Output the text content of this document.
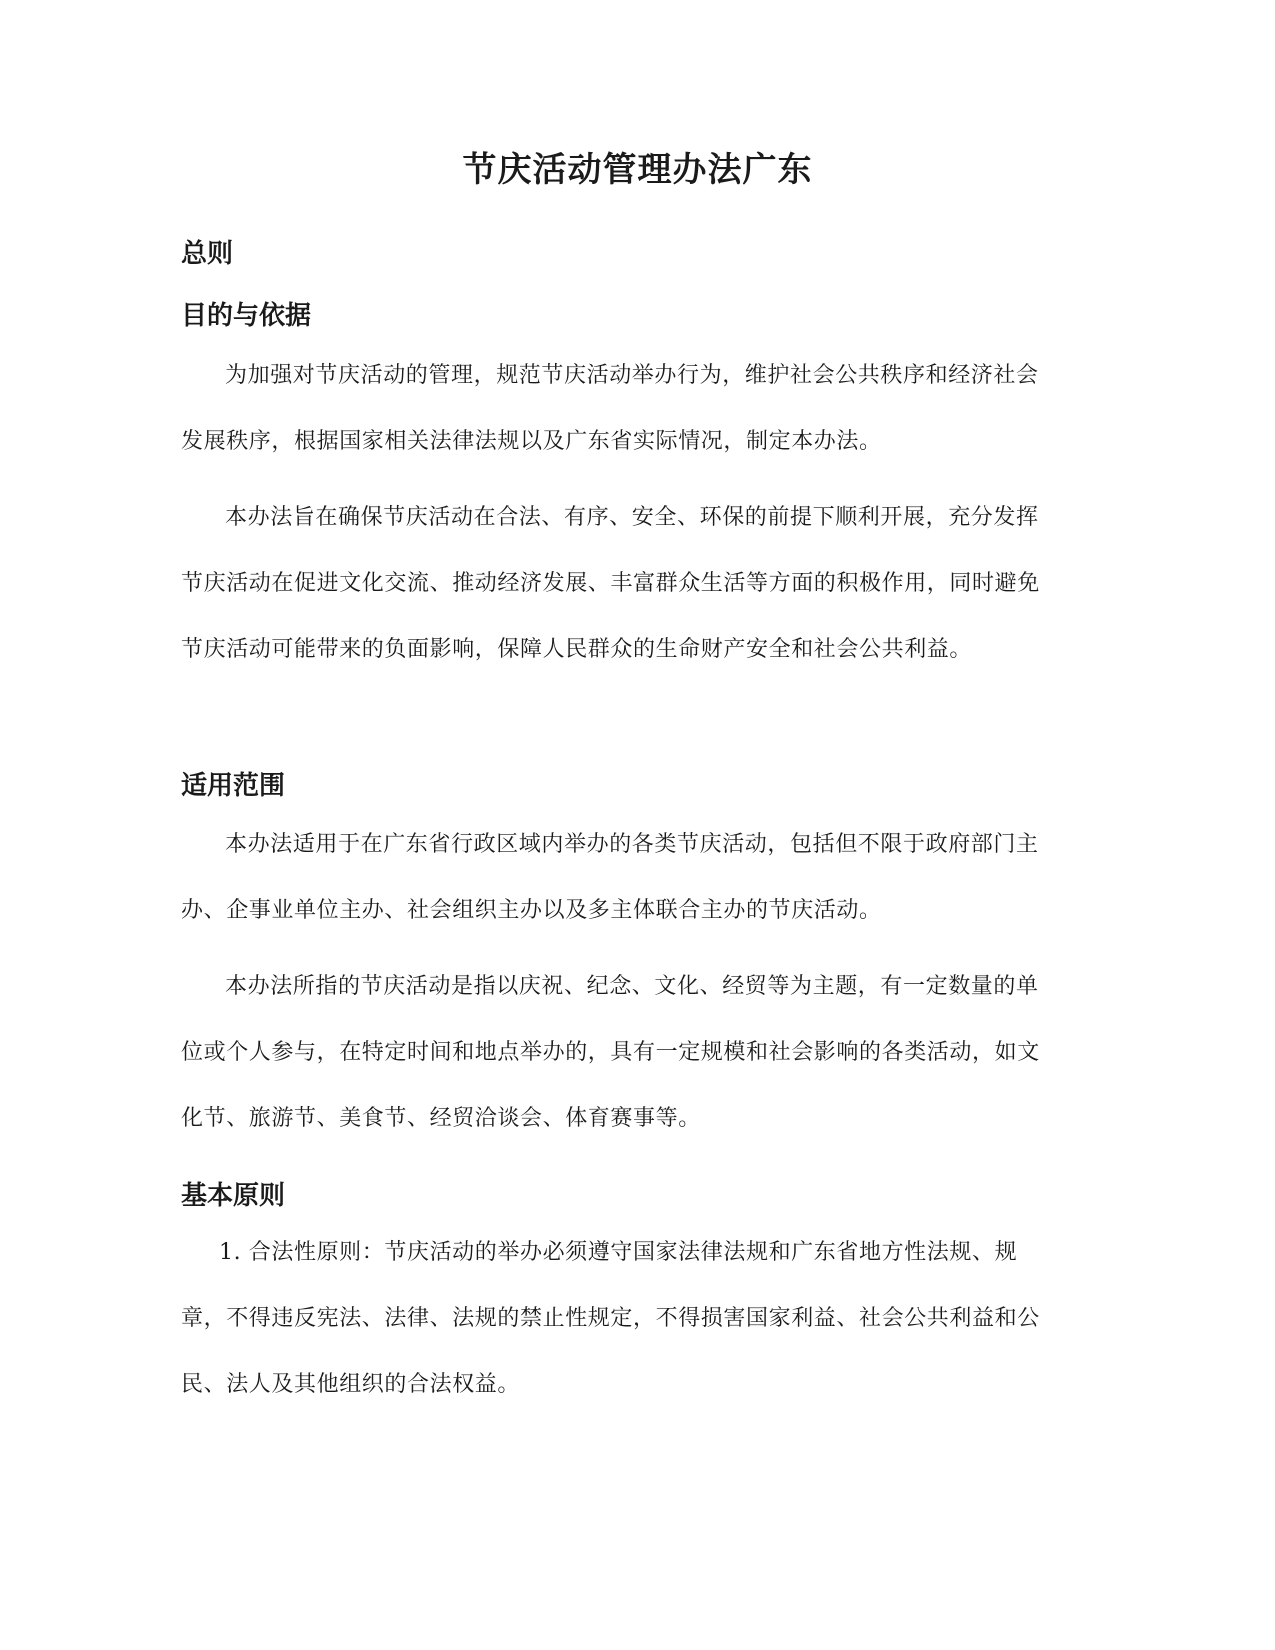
节庆活动管理办法广东
总则
目的与依据

为加强对节庆活动的管理，规范节庆活动举办行为，维护社会公共秩序和经济社会发展秩序，根据国家相关法律法规以及广东省实际情况，制定本办法。

本办法旨在确保节庆活动在合法、有序、安全、环保的前提下顺利开展，充分发挥节庆活动在促进文化交流、推动经济发展、丰富群众生活等方面的积极作用，同时避免节庆活动可能带来的负面影响，保障人民群众的生命财产安全和社会公共利益。

适用范围

本办法适用于在广东省行政区域内举办的各类节庆活动，包括但不限于政府部门主办、企事业单位主办、社会组织主办以及多主体联合主办的节庆活动。

本办法所指的节庆活动是指以庆祝、纪念、文化、经贸等为主题，有一定数量的单位或个人参与，在特定时间和地点举办的，具有一定规模和社会影响的各类活动，如文化节、旅游节、美食节、经贸洽谈会、体育赛事等。

基本原则

1. 合法性原则：节庆活动的举办必须遵守国家法律法规和广东省地方性法规、规章，不得违反宪法、法律、法规的禁止性规定，不得损害国家利益、社会公共利益和公民、法人及其他组织的合法权益。
